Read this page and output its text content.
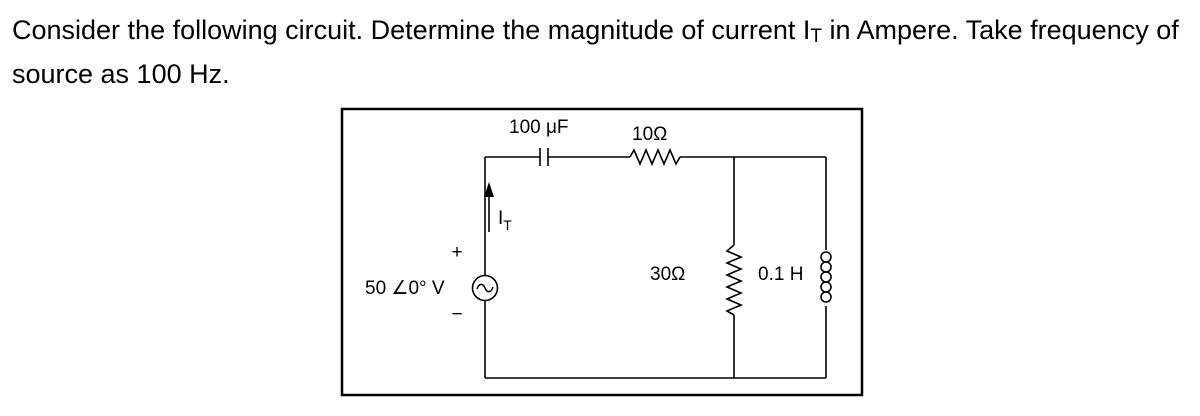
Consider the following circuit. Determine the magnitude of current IT in Ampere. Take frequency of source as 100 Hz.

+
−
50 ∠0° V
$I_T$
100 μF	10Ω
30Ω	0.1 H
